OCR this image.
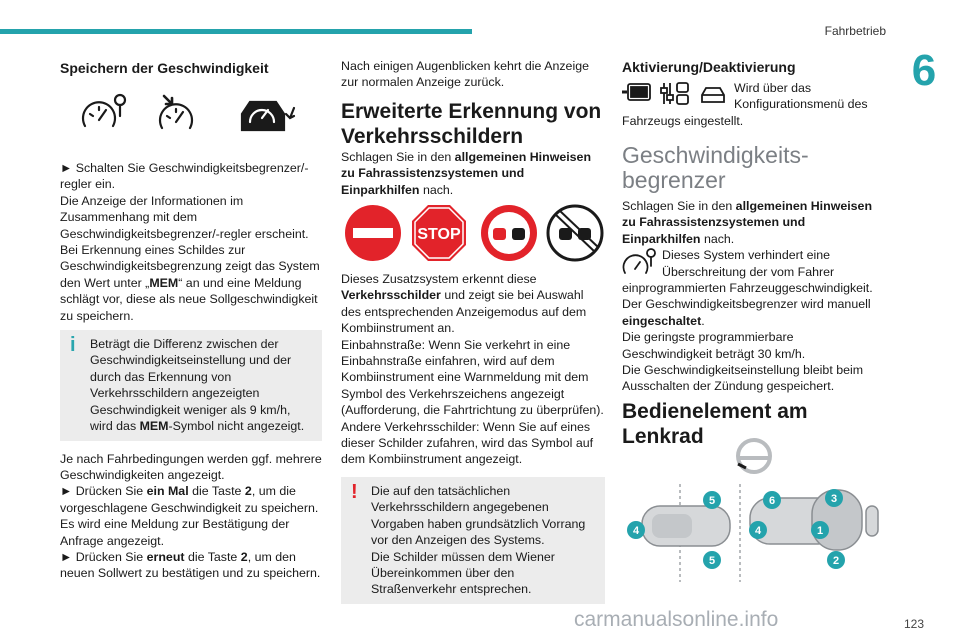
Fahrbetrieb
6
Speichern der Geschwindigkeit

► Schalten Sie Geschwindigkeitsbegrenzer/-regler ein.

Die Anzeige der Informationen im Zusammenhang mit dem Geschwindigkeitsbegrenzer/-regler erscheint.

Bei Erkennung eines Schildes zur Geschwindigkeitsbegrenzung zeigt das System den Wert unter „MEM“ an und eine Meldung schlägt vor, diese als neue Sollgeschwindigkeit zu speichern.

i Beträgt die Differenz zwischen der Geschwindigkeitseinstellung und der durch das Erkennung von Verkehrsschildern angezeigten Geschwindigkeit weniger als 9 km/h, wird das MEM-Symbol nicht angezeigt.

Je nach Fahrbedingungen werden ggf. mehrere Geschwindigkeiten angezeigt.

► Drücken Sie ein Mal die Taste 2, um die vorgeschlagene Geschwindigkeit zu speichern.

Es wird eine Meldung zur Bestätigung der Anfrage angezeigt.

► Drücken Sie erneut die Taste 2, um den neuen Sollwert zu bestätigen und zu speichern.

Nach einigen Augenblicken kehrt die Anzeige zur normalen Anzeige zurück.

Erweiterte Erkennung von Verkehrsschildern

Schlagen Sie in den allgemeinen Hinweisen zu Fahrassistenzsystemen und Einparkhilfen nach.

STOP

Dieses Zusatzsystem erkennt diese Verkehrsschilder und zeigt sie bei Auswahl des entsprechenden Anzeigemodus auf dem Kombiinstrument an.

Einbahnstraße: Wenn Sie verkehrt in eine Einbahnstraße einfahren, wird auf dem Kombiinstrument eine Warnmeldung mit dem Symbol des Verkehrszeichens angezeigt (Aufforderung, die Fahrtrichtung zu überprüfen).

Andere Verkehrsschilder: Wenn Sie auf eines dieser Schilder zufahren, wird das Symbol auf dem Kombiinstrument angezeigt.

! Die auf den tatsächlichen Verkehrsschildern angegebenen Vorgaben haben grundsätzlich Vorrang vor den Anzeigen des Systems.

Die Schilder müssen dem Wiener Übereinkommen über den Straßenverkehr entsprechen.

Aktivierung/Deaktivierung

Wird über das Konfigurationsmenü des Fahrzeugs eingestellt.

Geschwindigkeits-begrenzer

Schlagen Sie in den allgemeinen Hinweisen zu Fahrassistenzsystemen und Einparkhilfen nach.

Dieses System verhindert eine Überschreitung der vom Fahrer einprogrammierten Fahrzeuggeschwindigkeit.

Der Geschwindigkeitsbegrenzer wird manuell eingeschaltet.

Die geringste programmierbare Geschwindigkeit beträgt 30 km/h.

Die Geschwindigkeitseinstellung bleibt beim Ausschalten der Zündung gespeichert.

Bedienelement am Lenkrad
4
5
5
4
6	3
1
2
carmanualsonline.info	123
